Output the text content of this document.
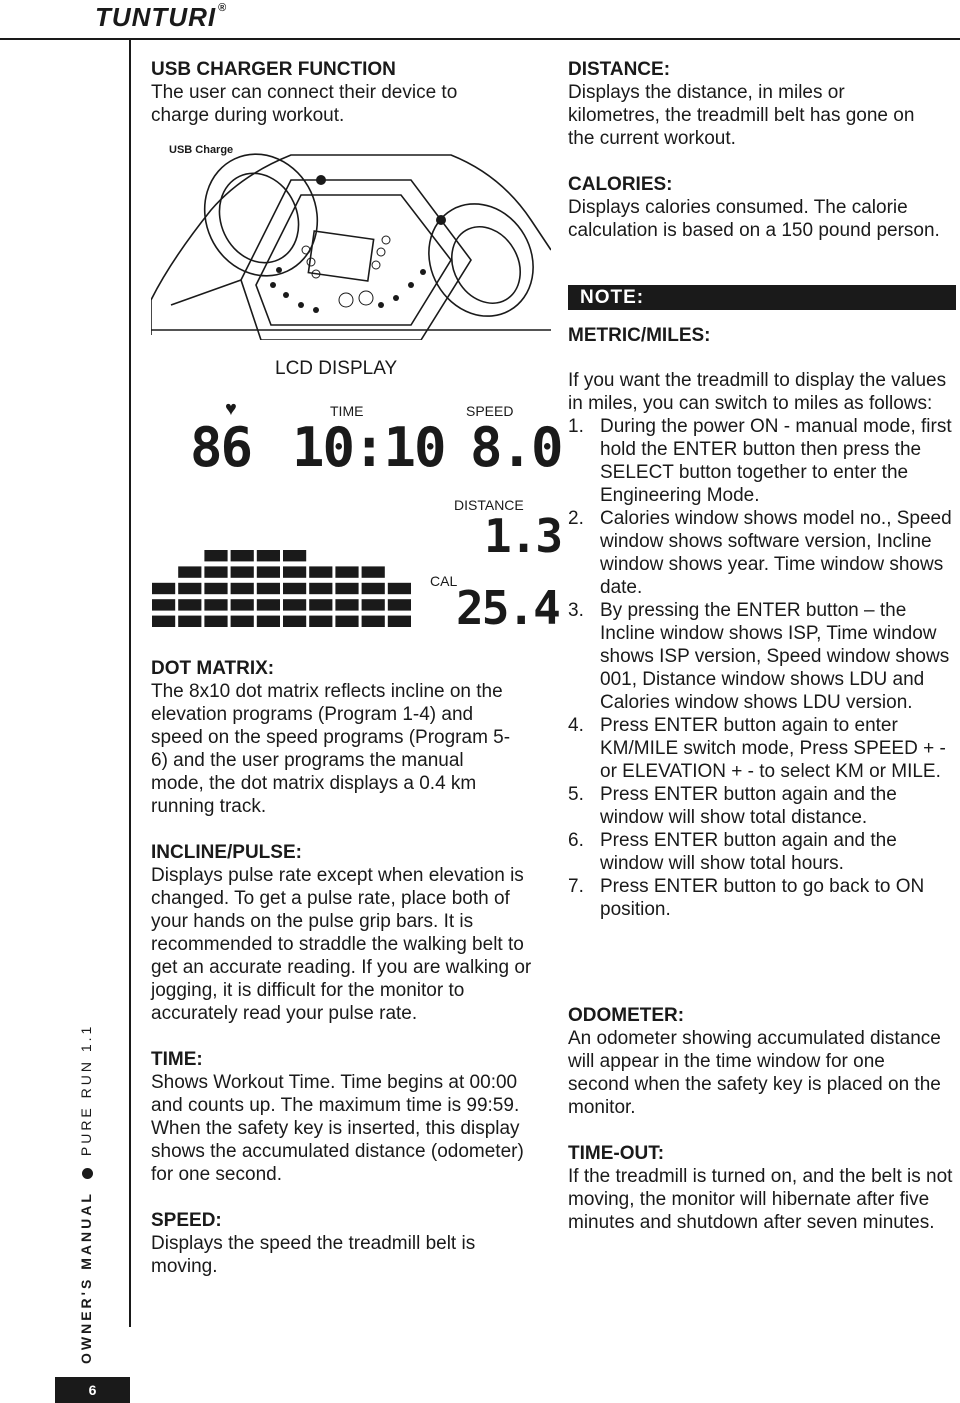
TUNTURI ®
OWNER'S MANUALPURE RUN 1.1
6

USB CHARGER FUNCTION

The user can connect their device to charge during workout.

USB Charge
LCD DISPLAY
♥	TIME	SPEED
86 10:10 8.0
DISTANCE
1.3
CAL
25.4

DOT MATRIX:

The 8x10 dot matrix reflects incline on the elevation programs (Program 1-4) and speed on the speed programs (Program 5-6) and the user programs the manual mode, the dot matrix displays a 0.4 km running track.

INCLINE/PULSE:

Displays pulse rate except when elevation is changed. To get a pulse rate, place both of your hands on the pulse grip bars. It is recommended to straddle the walking belt to get an accurate reading. If you are walking or jogging, it is difficult for the monitor to accurately read your pulse rate.

TIME:

Shows Workout Time. Time begins at 00:00 and counts up. The maximum time is 99:59. When the safety key is inserted, this display shows the accumulated distance (odometer) for one second.

SPEED:

Displays the speed the treadmill belt is moving.

DISTANCE:

Displays the distance, in miles or kilometres, the treadmill belt has gone on the current workout.

CALORIES:

Displays calories consumed. The calorie calculation is based on a 150 pound person.

NOTE:

METRIC/MILES:

If you want the treadmill to display the values in miles, you can switch to miles as follows:

1. During the power ON - manual mode, first hold the ENTER button then press the SELECT button together to enter the Engineering Mode.
2. Calories window shows model no., Speed window shows software version, Incline window shows year. Time window shows date.
3. By pressing the ENTER button – the Incline window shows ISP, Time window shows ISP version, Speed window shows 001, Distance window shows LDU and Calories window shows LDU version.
4. Press ENTER button again to enter KM/MILE switch mode, Press SPEED + - or ELEVATION + - to select KM or MILE.
5. Press ENTER button again and the window will show total distance.
6. Press ENTER button again and the window will show total hours.
7. Press ENTER button to go back to ON position.

ODOMETER:

An odometer showing accumulated distance will appear in the time window for one second when the safety key is placed on the monitor.

TIME-OUT:

If the treadmill is turned on, and the belt is not moving, the monitor will hibernate after five minutes and shutdown after seven minutes.
